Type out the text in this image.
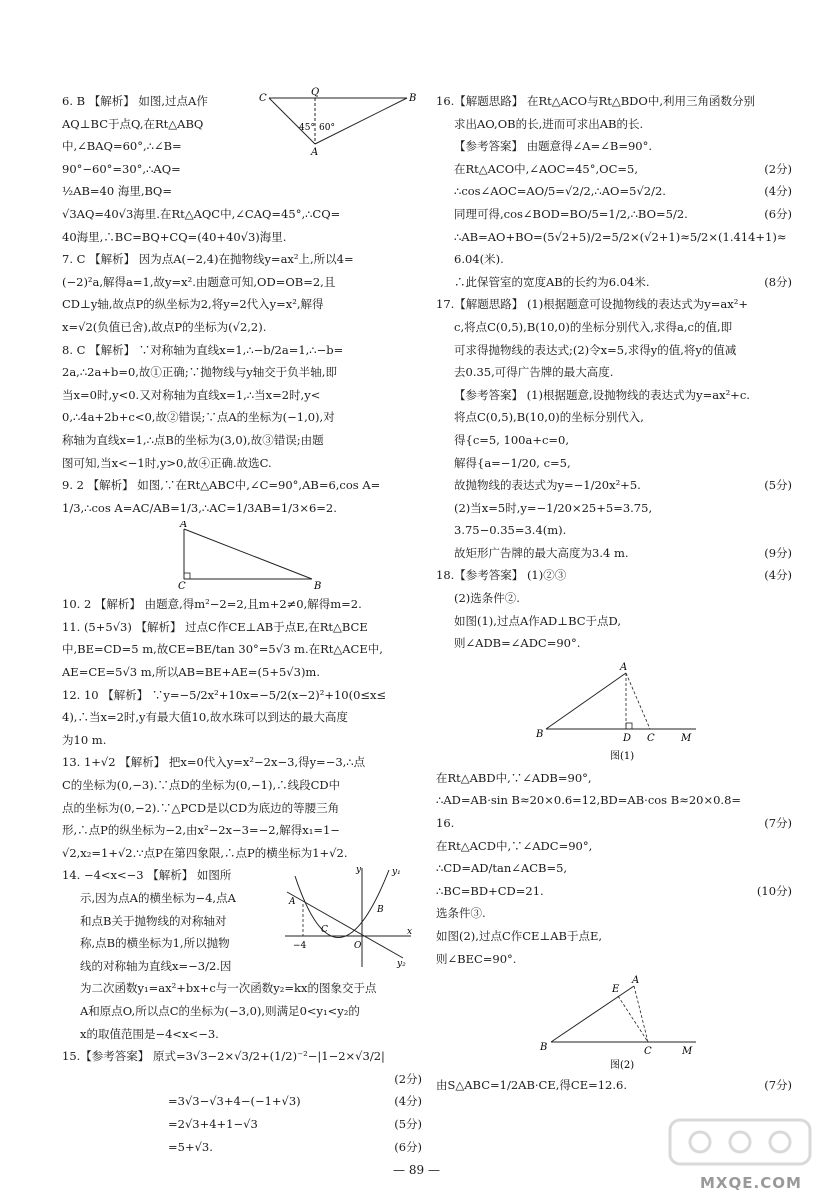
C
Q
B
A
45° 60°
6. B 【解析】 如图,过点A作
AQ⊥BC于点Q,在Rt△ABQ
中,∠BAQ=60°,∴∠B=
90°−60°=30°,∴AQ=
½AB=40 海里,BQ=
√3AQ=40√3海里.在Rt△AQC中,∠CAQ=45°,∴CQ=
40海里,∴BC=BQ+CQ=(40+40√3)海里.
7. C 【解析】 因为点A(−2,4)在抛物线y=ax²上,所以4=
(−2)²a,解得a=1,故y=x².由题意可知,OD=OB=2,且
CD⊥y轴,故点P的纵坐标为2,将y=2代入y=x²,解得
x=√2(负值已舍),故点P的坐标为(√2,2).
8. C 【解析】 ∵对称轴为直线x=1,∴−b/2a=1,∴−b=
2a,∴2a+b=0,故①正确;∵抛物线与y轴交于负半轴,即
当x=0时,y<0.又对称轴为直线x=1,∴当x=2时,y<
0,∴4a+2b+c<0,故②错误;∵点A的坐标为(−1,0),对
称轴为直线x=1,∴点B的坐标为(3,0),故③错误;由题
图可知,当x<−1时,y>0,故④正确.故选C.
9. 2 【解析】 如图,∵在Rt△ABC中,∠C=90°,AB=6,cos A=
1/3,∴cos A=AC/AB=1/3,∴AC=1/3AB=1/3×6=2.
A
B
C
10. 2 【解析】 由题意,得m²−2=2,且m+2≠0,解得m=2.
11. (5+5√3) 【解析】 过点C作CE⊥AB于点E,在Rt△BCE
中,BE=CD=5 m,故CE=BE/tan 30°=5√3 m.在Rt△ACE中,
AE=CE=5√3 m,所以AB=BE+AE=(5+5√3)m.
12. 10 【解析】 ∵y=−5/2x²+10x=−5/2(x−2)²+10(0≤x≤
4),∴当x=2时,y有最大值10,故水珠可以到达的最大高度
为10 m.
13. 1+√2 【解析】 把x=0代入y=x²−2x−3,得y=−3,∴点
C的坐标为(0,−3).∵点D的坐标为(0,−1),∴线段CD中
点的坐标为(0,−2).∵△PCD是以CD为底边的等腰三角
形,∴点P的纵坐标为−2,由x²−2x−3=−2,解得x₁=1−
√2,x₂=1+√2.∵点P在第四象限,∴点P的横坐标为1+√2.
y	y₁
y₂
A
B
C
O
x
−4
14. −4<x<−3 【解析】 如图所
示,因为点A的横坐标为−4,点A
和点B关于抛物线的对称轴对
称,点B的横坐标为1,所以抛物
线的对称轴为直线x=−3/2.因
为二次函数y₁=ax²+bx+c与一次函数y₂=kx的图象交于点
A和原点O,所以点C的坐标为(−3,0),则满足0<y₁<y₂的
x的取值范围是−4<x<−3.
15.【参考答案】 原式=3√3−2×√3/2+(1/2)⁻²−|1−2×√3/2|
(2分)
=3√3−√3+4−(−1+√3)	(4分)
=2√3+4+1−√3	(5分)
=5+√3.	(6分)
16.【解题思路】 在Rt△ACO与Rt△BDO中,利用三角函数分别
求出AO,OB的长,进而可求出AB的长.
【参考答案】 由题意得∠A=∠B=90°.
在Rt△ACO中,∠AOC=45°,OC=5,	(2分)
∴cos∠AOC=AO/5=√2/2,∴AO=5√2/2.	(4分)
同理可得,cos∠BOD=BO/5=1/2,∴BO=5/2.	(6分)
∴AB=AO+BO=(5√2+5)/2=5/2×(√2+1)≈5/2×(1.414+1)≈
6.04(米).
∴此保管室的宽度AB的长约为6.04米.	(8分)
17.【解题思路】 (1)根据题意可设抛物线的表达式为y=ax²+
c,将点C(0,5),B(10,0)的坐标分别代入,求得a,c的值,即
可求得抛物线的表达式;(2)令x=5,求得y的值,将y的值减
去0.35,可得广告牌的最大高度.
【参考答案】 (1)根据题意,设抛物线的表达式为y=ax²+c.
将点C(0,5),B(10,0)的坐标分别代入,
得{c=5, 100a+c=0,
解得{a=−1/20, c=5,
故抛物线的表达式为y=−1/20x²+5.	(5分)
(2)当x=5时,y=−1/20×25+5=3.75,
3.75−0.35=3.4(m).
故矩形广告牌的最大高度为3.4 m.	(9分)
18.【参考答案】 (1)②③	(4分)
(2)选条件②.
如图(1),过点A作AD⊥BC于点D,
则∠ADB=∠ADC=90°.
A
B	D C	M
图(1)
在Rt△ABD中,∵∠ADB=90°,
∴AD=AB·sin B≈20×0.6=12,BD=AB·cos B≈20×0.8=
16.	(7分)
在Rt△ACD中,∵∠ADC=90°,
∴CD=AD/tan∠ACB=5,
∴BC=BD+CD=21.	(10分)
选条件③.
如图(2),过点C作CE⊥AB于点E,
则∠BEC=90°.
E
A
B	C	M
图(2)
由S△ABC=1/2AB·CE,得CE=12.6.	(7分)
— 89 —
MXQE.COM
